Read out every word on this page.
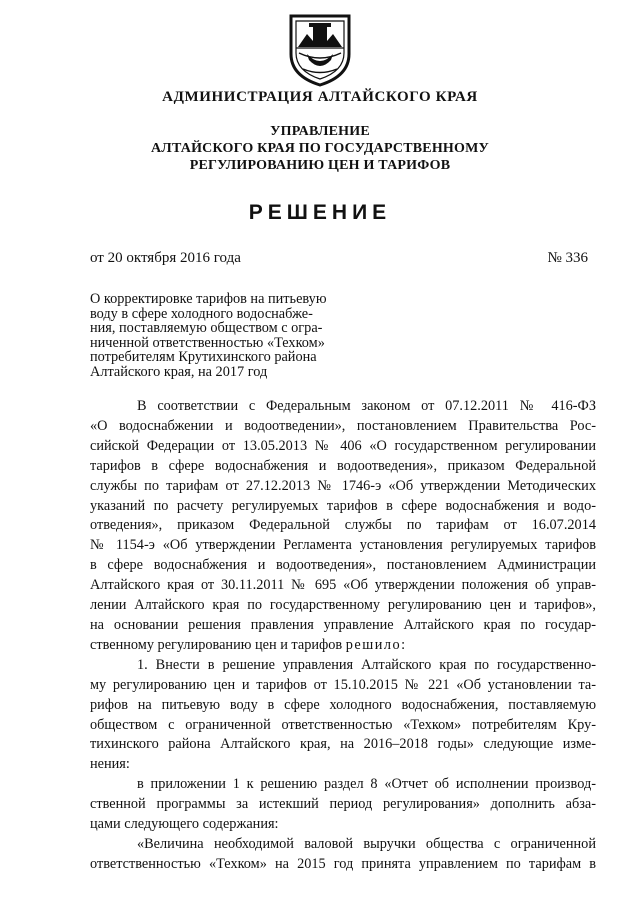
АДМИНИСТРАЦИЯ АЛТАЙСКОГО КРАЯ
УПРАВЛЕНИЕ
АЛТАЙСКОГО КРАЯ ПО ГОСУДАРСТВЕННОМУ
РЕГУЛИРОВАНИЮ ЦЕН И ТАРИФОВ
РЕШЕНИЕ
от 20 октября 2016 года	№ 336
О корректировке тарифов на питьевую
воду в сфере холодного водоснабже-
ния, поставляемую обществом с огра-
ниченной ответственностью «Техком»
потребителям Крутихинского района
Алтайского края, на 2017 год
В соответствии с Федеральным законом от 07.12.2011 № 416-ФЗ
«О водоснабжении и водоотведении», постановлением Правительства Рос-
сийской Федерации от 13.05.2013 № 406 «О государственном регулировании
тарифов в сфере водоснабжения и водоотведения», приказом Федеральной
службы по тарифам от 27.12.2013 № 1746-э «Об утверждении Методических
указаний по расчету регулируемых тарифов в сфере водоснабжения и водо-
отведения», приказом Федеральной службы по тарифам от 16.07.2014
№ 1154-э «Об утверждении Регламента установления регулируемых тарифов
в сфере водоснабжения и водоотведения», постановлением Администрации
Алтайского края от 30.11.2011 № 695 «Об утверждении положения об управ-
лении Алтайского края по государственному регулированию цен и тарифов»,
на основании решения правления управление Алтайского края по государ-
ственному регулированию цен и тарифов решило:
1. Внести в решение управления Алтайского края по государственно-
му регулированию цен и тарифов от 15.10.2015 № 221 «Об установлении та-
рифов на питьевую воду в сфере холодного водоснабжения, поставляемую
обществом с ограниченной ответственностью «Техком» потребителям Кру-
тихинского района Алтайского края, на 2016–2018 годы» следующие изме-
нения:
в приложении 1 к решению раздел 8 «Отчет об исполнении производ-
ственной программы за истекший период регулирования» дополнить абза-
цами следующего содержания:
«Величина необходимой валовой выручки общества с ограниченной
ответственностью «Техком» на 2015 год принята управлением по тарифам в
